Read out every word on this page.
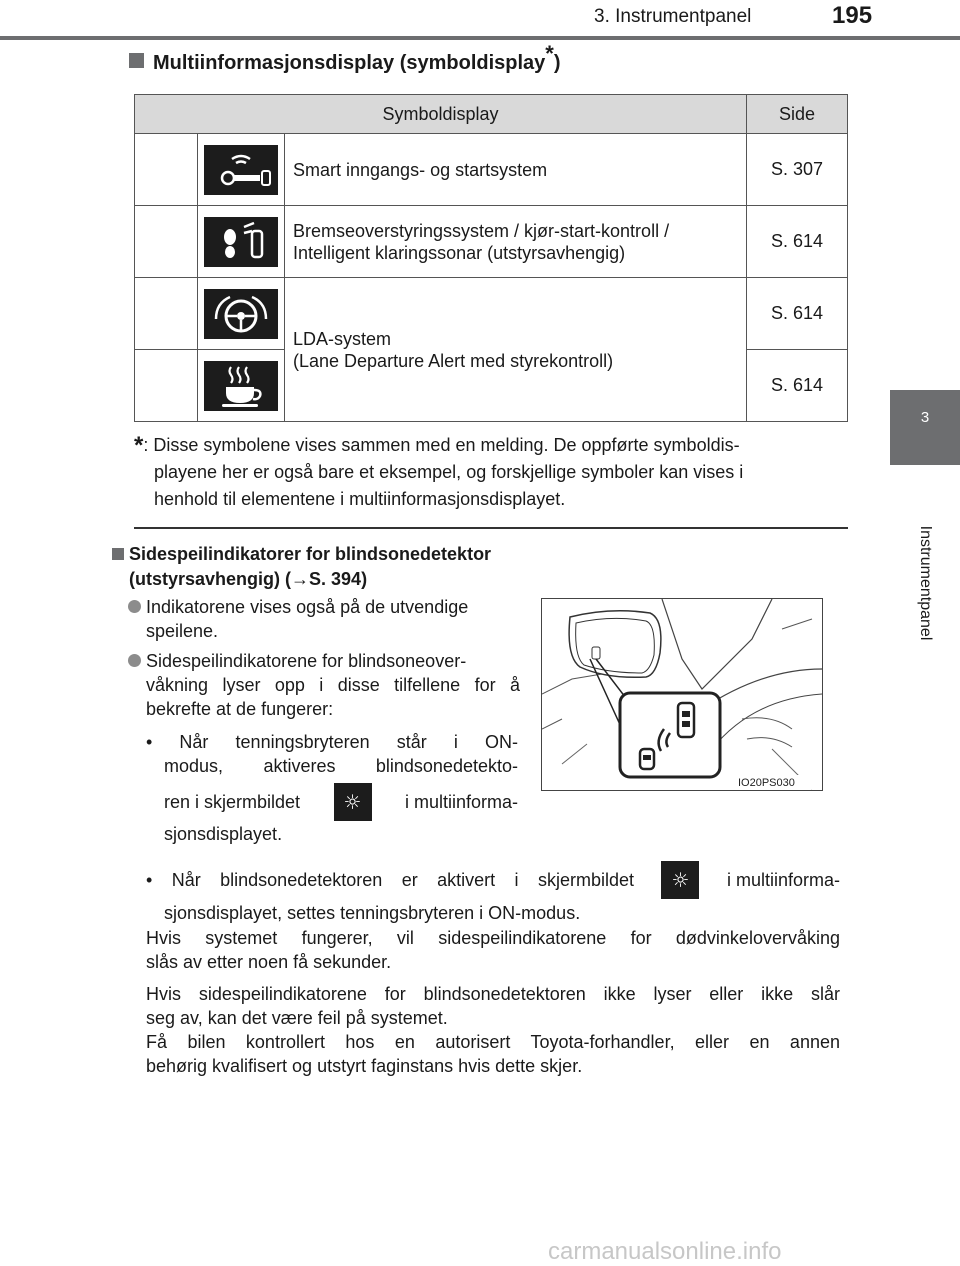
3. Instrumentpanel	195
3
Instrumentpanel
Multiinformasjonsdisplay (symboldisplay*)
Symboldisplay			Side
		Smart inngangs- og startsystem	S. 307

Bremseoverstyringssystem / kjør-start-kontroll /
Intelligent klaringssonar (utstyrsavhengig)	S. 614

LDA-system
(Lane Departure Alert med styrekontroll)	S. 614
		S. 614
*: Disse symbolene vises sammen med en melding. De oppførte symboldis-
playene her er også bare et eksempel, og forskjellige symboler kan vises i
henhold til elementene i multiinformasjonsdisplayet.
Sidespeilindikatorer for blindsonedetektor
(utstyrsavhengig) (→S. 394)
Indikatorene vises også på de utvendige
speilene.
Sidespeilindikatorene for blindsoneover-
våkning lyser opp i disse tilfellene for å
bekrefte at de fungerer:
• Når tenningsbryteren står i ON-
modus, aktiveres blindsonedetekto-
ren i skjermbildet ☼	i multiinforma-
sjonsdisplayet.
IO20PS030
• Når blindsonedetektoren er aktivert i skjermbildet ☼	i multiinforma-
sjonsdisplayet, settes tenningsbryteren i ON-modus.
Hvis systemet fungerer, vil sidespeilindikatorene for dødvinkelovervåking
slås av etter noen få sekunder.
Hvis sidespeilindikatorene for blindsonedetektoren ikke lyser eller ikke slår
seg av, kan det være feil på systemet.
Få bilen kontrollert hos en autorisert Toyota-forhandler, eller en annen
behørig kvalifisert og utstyrt faginstans hvis dette skjer.
carmanualsonline.info
